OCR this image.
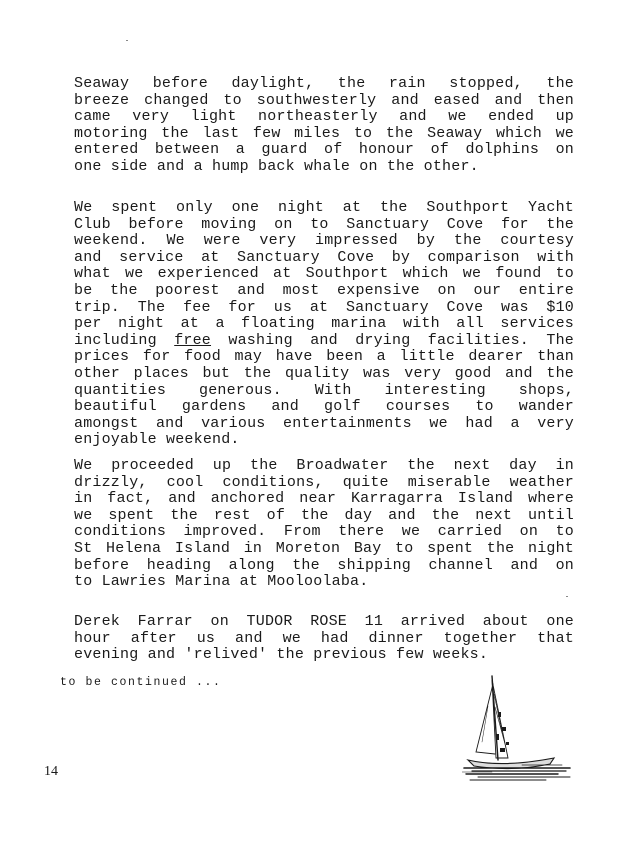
Seaway before daylight, the rain stopped, the
breeze changed to southwesterly and eased and then
came very light northeasterly and we ended up
motoring the last few miles to the Seaway which we
entered between a guard of honour of dolphins on
one side and a hump back whale on the other.
We spent only one night at the Southport Yacht
Club before moving on to Sanctuary Cove for the
weekend. We were very impressed by the courtesy
and service at Sanctuary Cove by comparison with
what we experienced at Southport which we found to
be the poorest and most expensive on our entire
trip. The fee for us at Sanctuary Cove was $10
per night at a floating marina with all services
including free washing and drying facilities. The
prices for food may have been a little dearer than
other places but the quality was very good and the
quantities generous. With interesting shops,
beautiful gardens and golf courses to wander
amongst and various entertainments we had a very
enjoyable weekend.
We proceeded up the Broadwater the next day in
drizzly, cool conditions, quite miserable weather
in fact, and anchored near Karragarra Island where
we spent the rest of the day and the next until
conditions improved. From there we carried on to
St Helena Island in Moreton Bay to spent the night
before heading along the shipping channel and on
to Lawries Marina at Mooloolaba.
Derek Farrar on TUDOR ROSE 11 arrived about one
hour after us and we had dinner together that
evening and 'relived' the previous few weeks.
to be continued ...
14
